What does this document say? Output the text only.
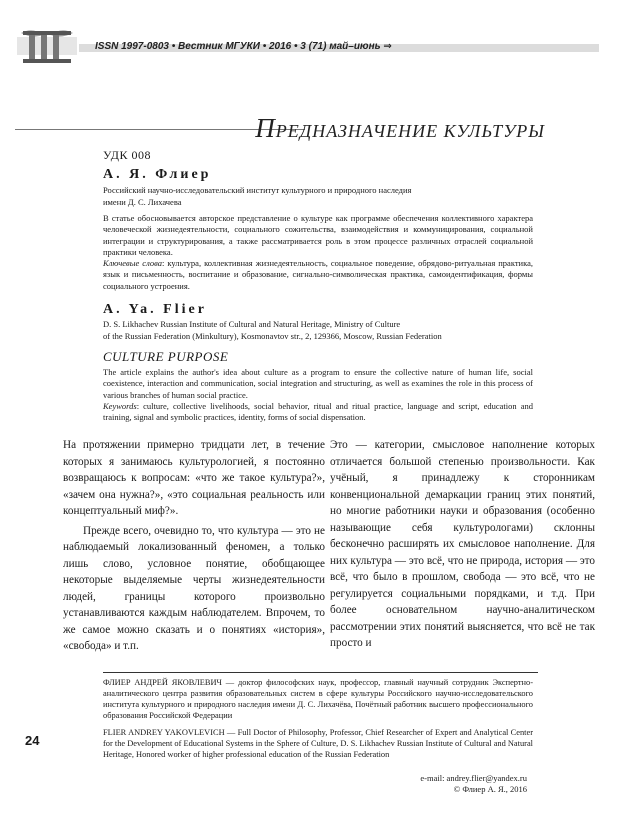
ISSN 1997-0803 • Вестник МГУКИ • 2016 • 3 (71) май–июнь ⇒
ПРЕДНАЗНАЧЕНИЕ КУЛЬТУРЫ
УДК 008
А. Я. Флиер
Российский научно-исследовательский институт культурного и природного наследия
имени Д. С. Лихачева
В статье обосновывается авторское представление о культуре как программе обеспечения коллективного характера человеческой жизнедеятельности, социального сожительства, взаимодействия и коммуницирования, социальной интеграции и структурирования, а также рассматривается роль в этом процессе различных отраслей социальной практики человека.
Ключевые слова: культура, коллективная жизнедеятельность, социальное поведение, обрядово-ритуальная практика, язык и письменность, воспитание и образование, сигнально-символическая практика, самоидентификация, формы социального устроения.
A. Ya. Flier
D. S. Likhachev Russian Institute of Cultural and Natural Heritage, Ministry of Culture
of the Russian Federation (Minkultury), Kosmonavtov str., 2, 129366, Moscow, Russian Federation
CULTURE PURPOSE
The article explains the author's idea about culture as a program to ensure the collective nature of human life, social coexistence, interaction and communication, social integration and structuring, as well as examines the role in this process of various branches of human social practice.
Keywords: culture, collective livelihoods, social behavior, ritual and ritual practice, language and script, education and training, signal and symbolic practices, identity, forms of social dispensation.

На протяжении примерно тридцати лет, в течение которых я занимаюсь культурологией, я постоянно возвращаюсь к вопросам: «что же такое культура?», «зачем она нужна?», «это социальная реальность или концептуальный миф?».

Прежде всего, очевидно то, что культура — это не наблюдаемый локализованный феномен, а только лишь слово, условное понятие, обобщающее некоторые выделяемые черты жизнедеятельности людей, границы которого произвольно устанавливаются каждым наблюдателем. Впрочем, то же самое можно сказать и о понятиях «история», «свобода» и т.п.

Это — категории, смысловое наполнение которых отличается большой степенью произвольности. Как учёный, я принадлежу к сторонникам конвенциональной демаркации границ этих понятий, но многие работники науки и образования (особенно называющие себя культурологами) склонны бесконечно расширять их смысловое наполнение. Для них культура — это всё, что не природа, история — это всё, что было в прошлом, свобода — это всё, что не регулируется социальными порядками, и т.д. При более основательном научно-аналитическом рассмотрении этих понятий выясняется, что всё не так просто и

ФЛИЕР АНДРЕЙ ЯКОВЛЕВИЧ — доктор философских наук, профессор, главный научный сотрудник Экспертно-аналитического центра развития образовательных систем в сфере культуры Российского научно-исследовательского института культурного и природного наследия имени Д. С. Лихачёва, Почётный работник высшего профессионального образования Российской Федерации
FLIER ANDREY YAKOVLEVICH — Full Doctor of Philosophy, Professor, Chief Researcher of Expert and Analytical Center for the Development of Educational Systems in the Sphere of Culture, D. S. Likhachev Russian Institute of Cultural and Natural Heritage, Honored worker of higher professional education of the Russian Federation
e-mail: andrey.flier@yandex.ru
© Флиер А. Я., 2016
24
